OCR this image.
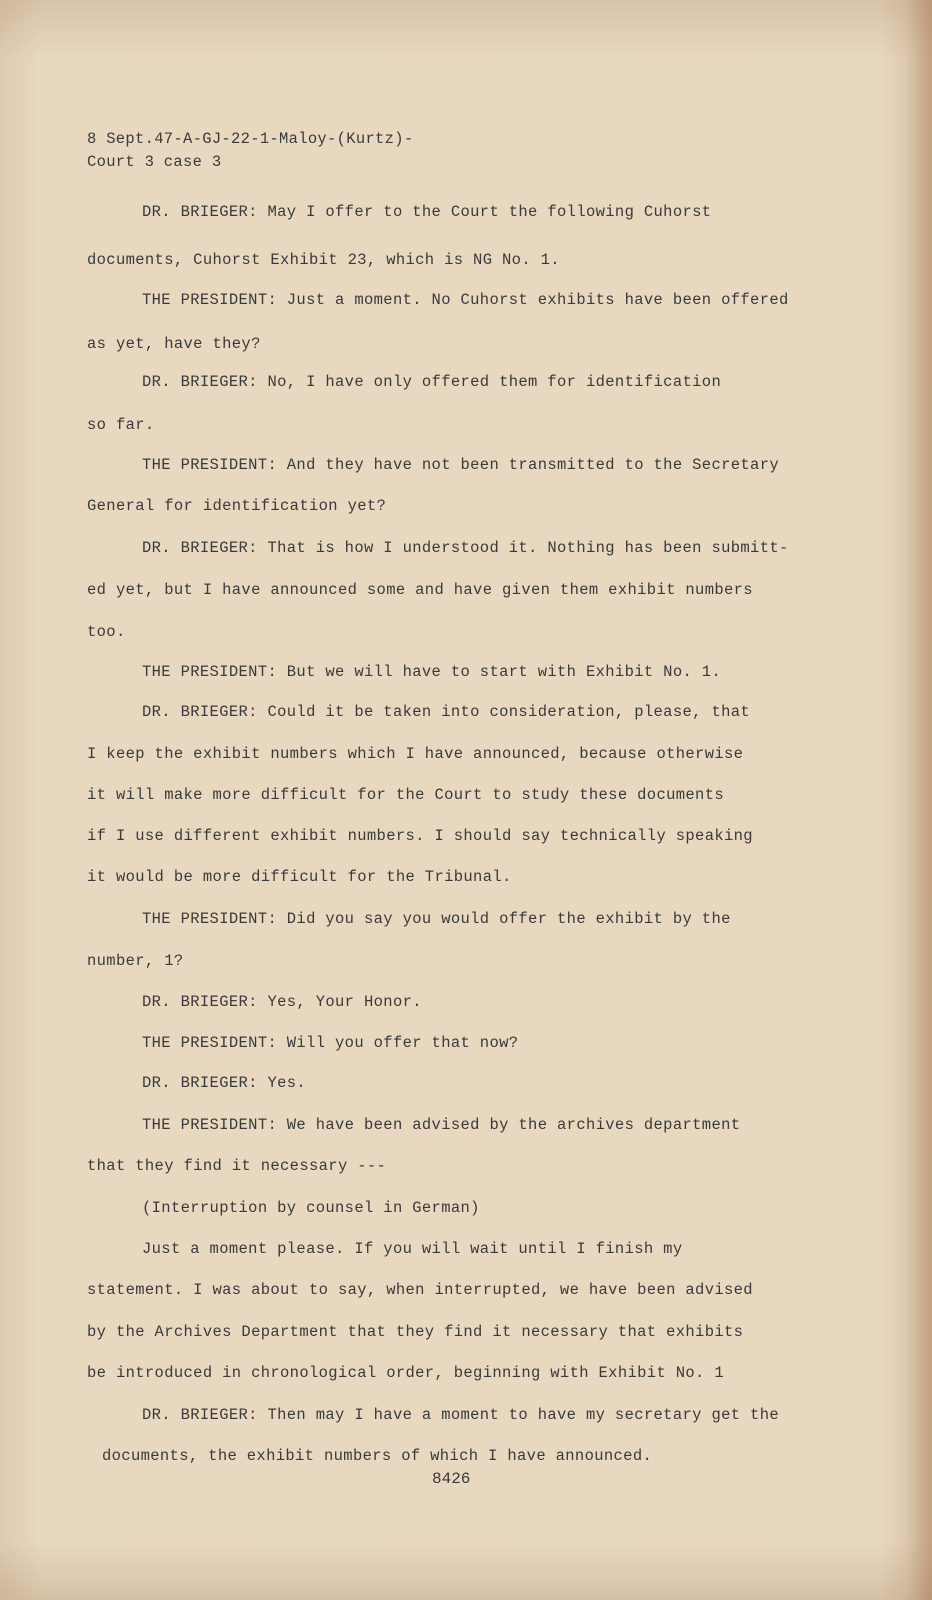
8 Sept.47-A-GJ-22-1-Maloy-(Kurtz)-
Court 3 case 3
DR. BRIEGER: May I offer to the Court the following Cuhorst
documents, Cuhorst Exhibit 23, which is NG No. 1.
THE PRESIDENT: Just a moment. No Cuhorst exhibits have been offered
as yet, have they?
DR. BRIEGER: No, I have only offered them for identification
so far.
THE PRESIDENT: And they have not been transmitted to the Secretary
General for identification yet?
DR. BRIEGER: That is how I understood it. Nothing has been submitt-
ed yet, but I have announced some and have given them exhibit numbers
too.
THE PRESIDENT: But we will have to start with Exhibit No. 1.
DR. BRIEGER: Could it be taken into consideration, please, that
I keep the exhibit numbers which I have announced, because otherwise
it will make more difficult for the Court to study these documents
if I use different exhibit numbers. I should say technically speaking
it would be more difficult for the Tribunal.
THE PRESIDENT: Did you say you would offer the exhibit by the
number, 1?
DR. BRIEGER: Yes, Your Honor.
THE PRESIDENT: Will you offer that now?
DR. BRIEGER: Yes.
THE PRESIDENT: We have been advised by the archives department
that they find it necessary ---
(Interruption by counsel in German)
Just a moment please. If you will wait until I finish my
statement. I was about to say, when interrupted, we have been advised
by the Archives Department that they find it necessary that exhibits
be introduced in chronological order, beginning with Exhibit No. 1
DR. BRIEGER: Then may I have a moment to have my secretary get the
documents, the exhibit numbers of which I have announced.
8426
